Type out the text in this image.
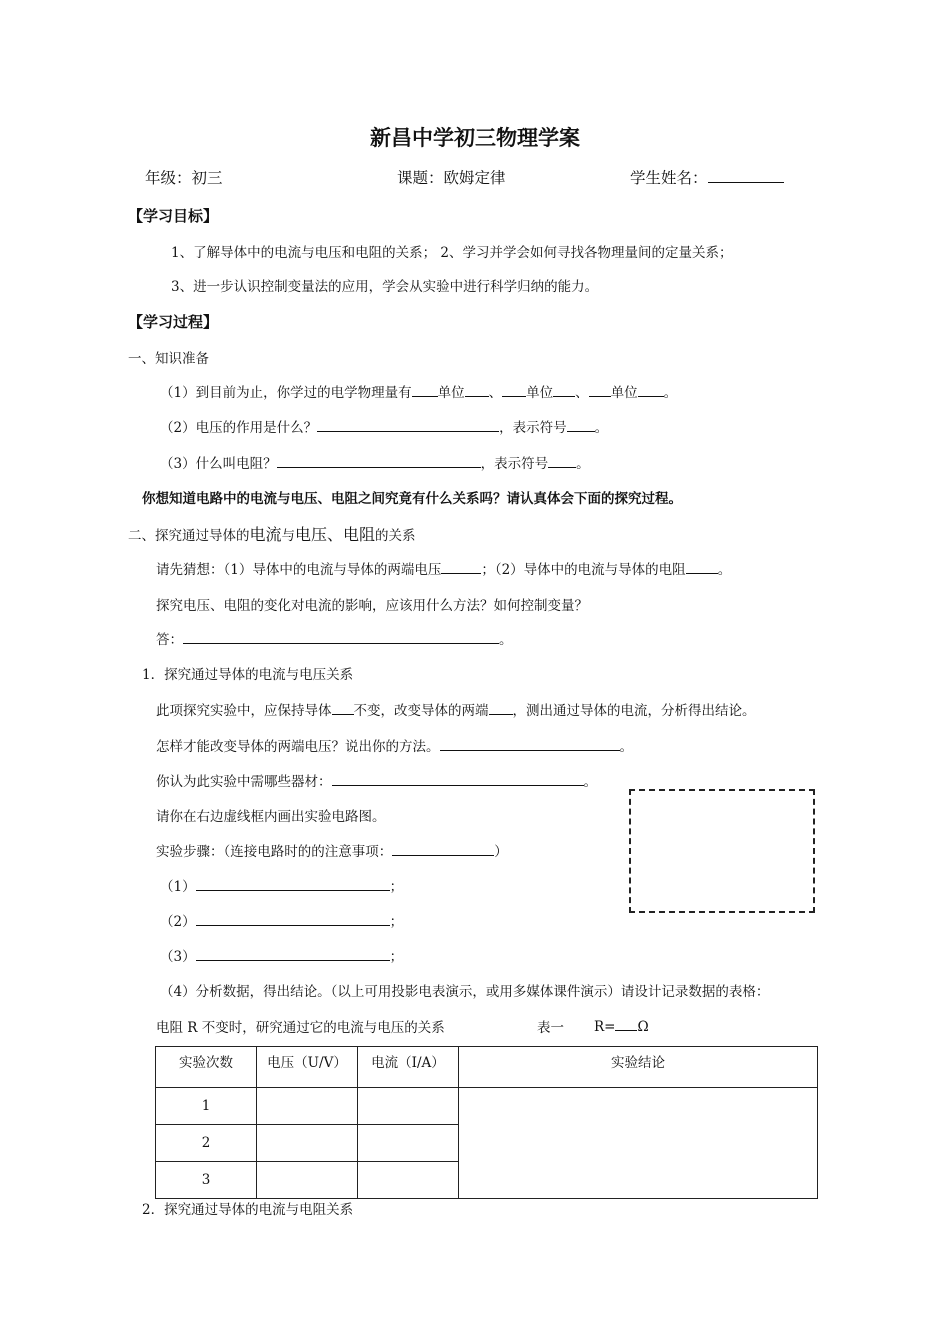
新昌中学初三物理学案
年级：初三	课题：欧姆定律	学生姓名：
【学习目标】
1、了解导体中的电流与电压和电阻的关系； 2、学习并学会如何寻找各物理量间的定量关系；
3、进一步认识控制变量法的应用，学会从实验中进行科学归纳的能力。
【学习过程】
一、知识准备
（1）到目前为止，你学过的电学物理量有 单位 、 单位 、 单位 。
（2）电压的作用是什么？	，表示符号 。
（3）什么叫电阻？	，表示符号 。
你想知道电路中的电流与电压、电阻之间究竟有什么关系吗？请认真体会下面的探究过程。
二、探究通过导体的电流与电压、电阻的关系
请先猜想：（1）导体中的电流与导体的两端电压	；（2）导体中的电流与导体的电阻 。
探究电压、电阻的变化对电流的影响，应该用什么方法？如何控制变量？
答：	。
1．探究通过导体的电流与电压关系
此项探究实验中，应保持导体 不变，改变导体的两端 ，测出通过导体的电流，分析得出结论。
怎样才能改变导体的两端电压？说出你的方法。	。
你认为此实验中需哪些器材：	。
请你在右边虚线框内画出实验电路图。
实验步骤：（连接电路时的的注意事项：	）
（1）	；
（2）	；
（3）	；
（4）分析数据，得出结论。（以上可用投影电表演示，或用多媒体课件演示）请设计记录数据的表格：
电阻 R 不变时，研究通过它的电流与电压的关系	表一 R= Ω
实验次数	电压（U/V）	电流（I/A）	实验结论
1			
2			
3			
2．探究通过导体的电流与电阻关系
